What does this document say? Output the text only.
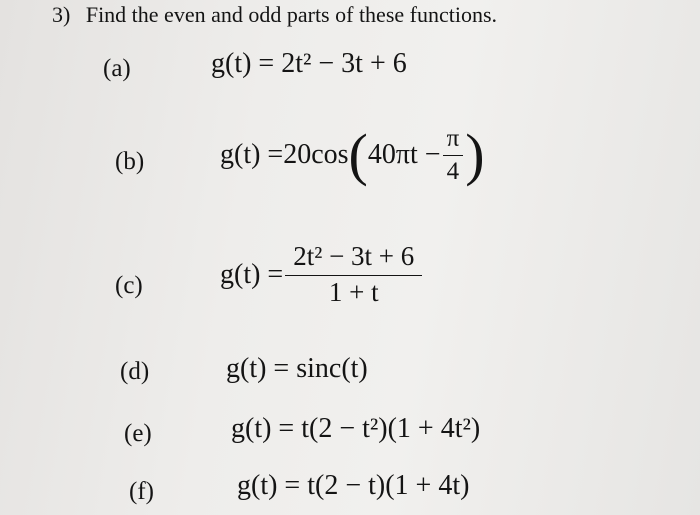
3) Find the even and odd parts of these functions.
(a)	g(t) = 2t² − 3t + 6
(b)	g(t) = 20cos ( $40\pi t - \frac{\pi}{4}$ )
(c)	$g(t) = \frac{\text{2t² − 3t + 6}}{1 + t}$
(d)	g(t) = sinc(t)
(e)	g(t) = t(2 − t²)(1 + 4t²)
(f)	g(t) = t(2 − t)(1 + 4t)
